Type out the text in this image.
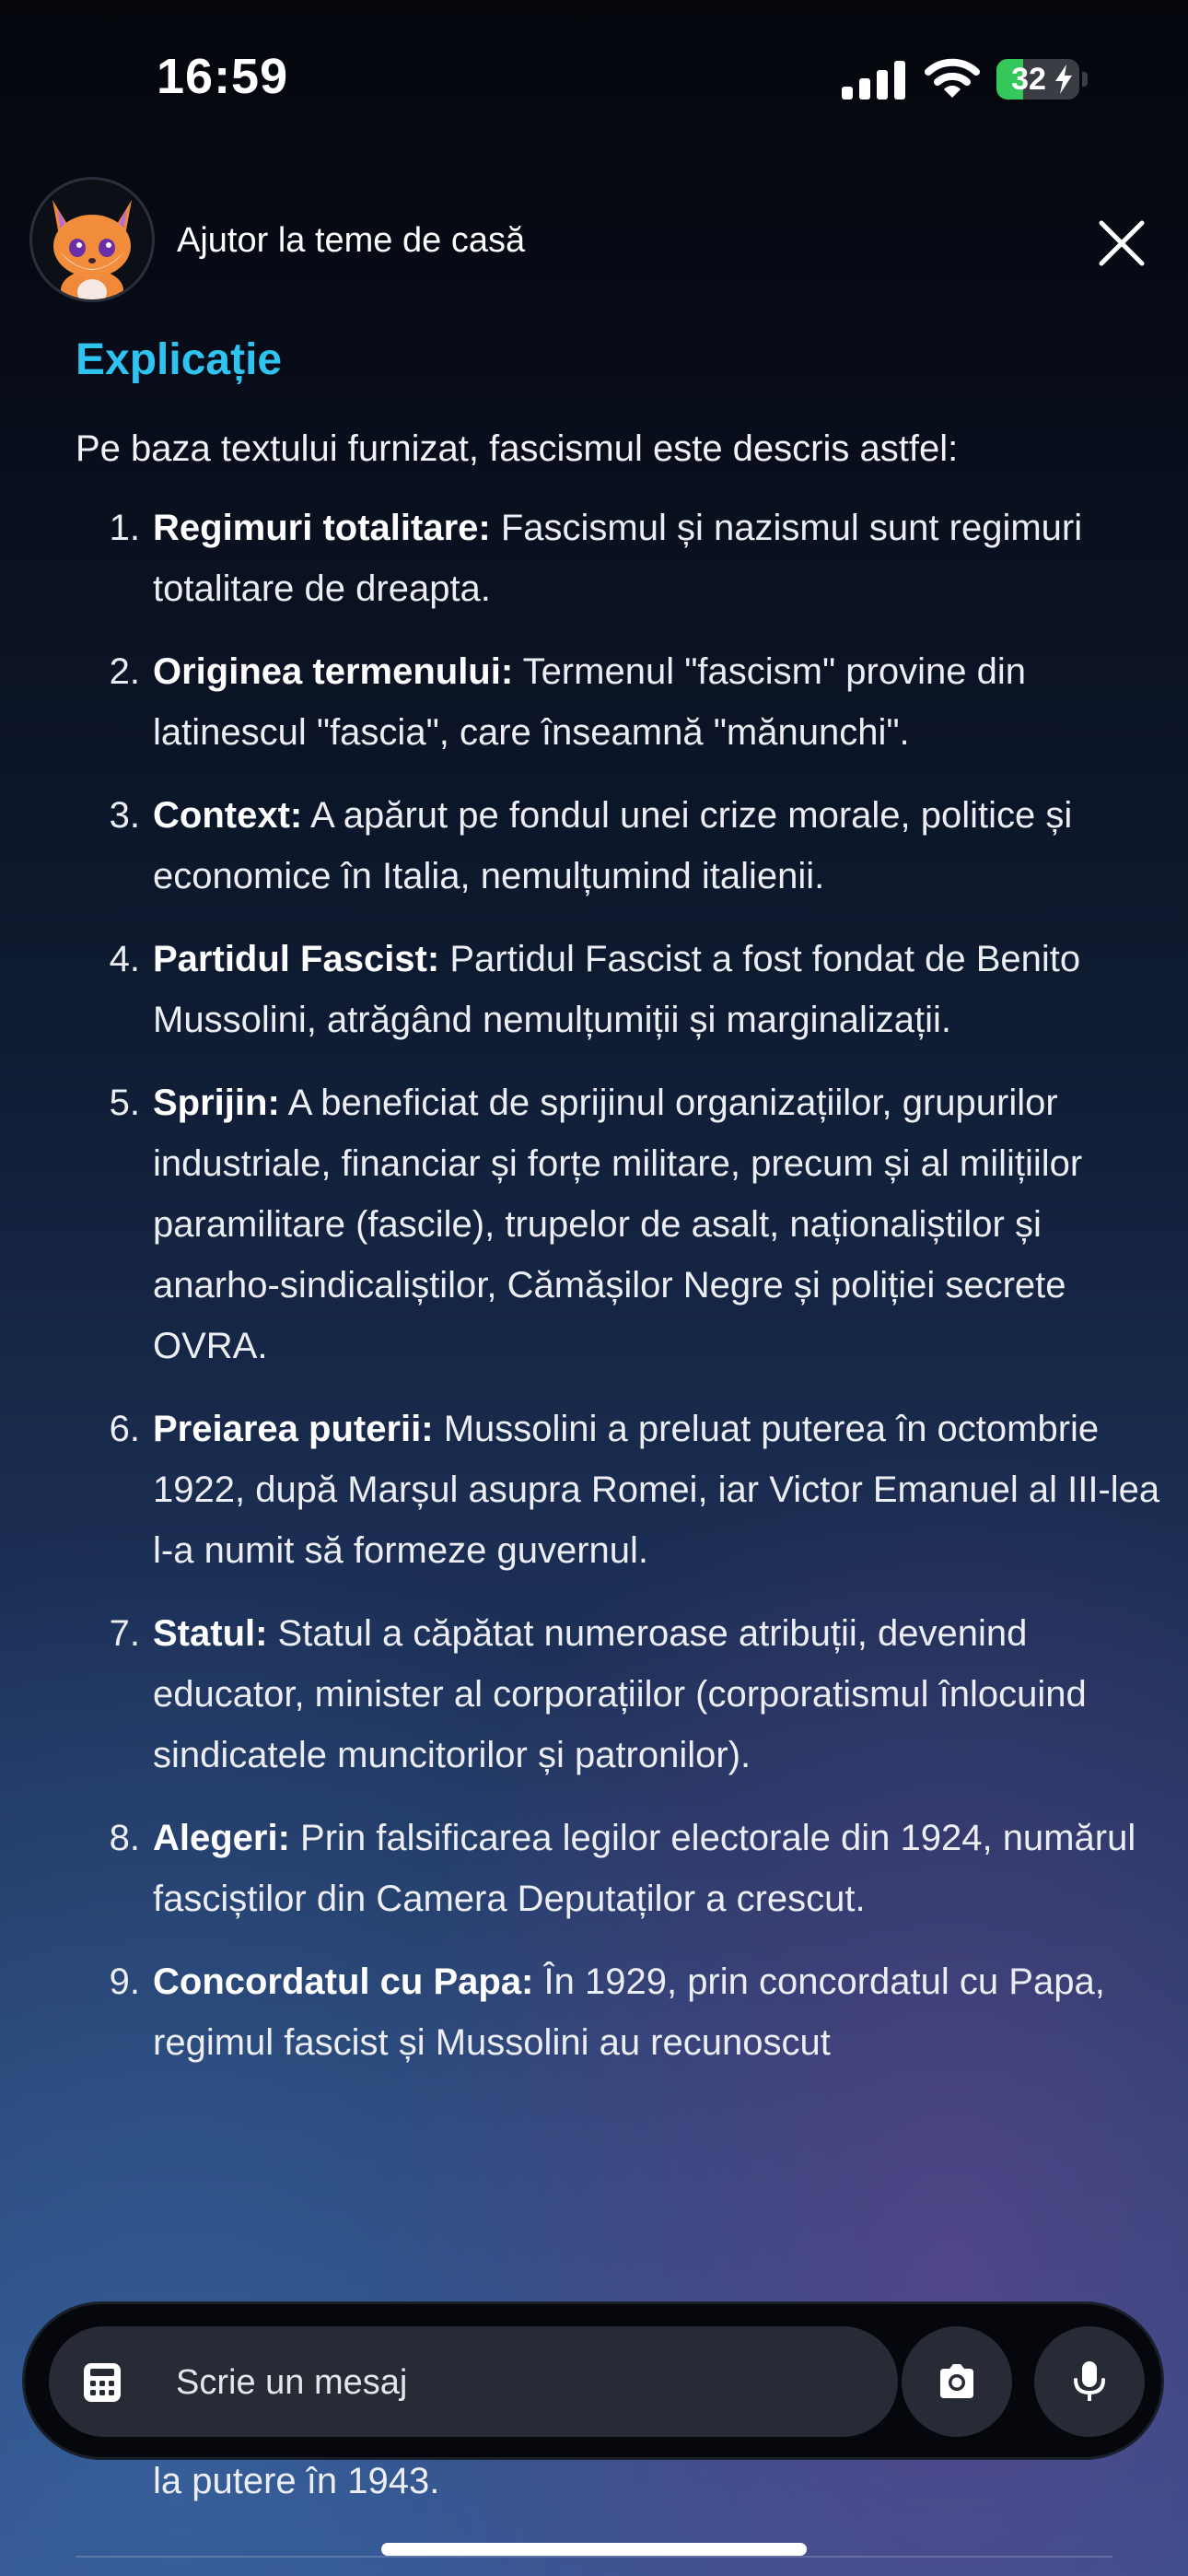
16:59	32
Ajutor la teme de casă
Explicație

Pe baza textului furnizat, fascismul este descris astfel:

1. Regimuri totalitare: Fascismul și nazismul sunt regimuri totalitare de dreapta.
2. Originea termenului: Termenul "fascism" provine din latinescul "fascia", care înseamnă "mănunchi".
3. Context: A apărut pe fondul unei crize morale, politice și economice în Italia, nemulțumind italienii.
4. Partidul Fascist: Partidul Fascist a fost fondat de Benito Mussolini, atrăgând nemulțumiții și marginalizații.
5. Sprijin: A beneficiat de sprijinul organizațiilor, grupurilor industriale, financiar și forțe militare, precum și al milițiilor paramilitare (fascile), trupelor de asalt, naționaliștilor și anarho-sindicaliștilor, Cămășilor Negre și poliției secrete OVRA.
6. Preiarea puterii: Mussolini a preluat puterea în octombrie 1922, după Marșul asupra Romei, iar Victor Emanuel al III-lea l-a numit să formeze guvernul.
7. Statul: Statul a căpătat numeroase atribuții, devenind educator, minister al corporațiilor (corporatismul înlocuind sindicatele muncitorilor și patronilor).
8. Alegeri: Prin falsificarea legilor electorale din 1924, numărul fasciștilor din Camera Deputaților a crescut.
9. Concordatul cu Papa: În 1929, prin concordatul cu Papa, regimul fascist și Mussolini au recunoscut
la putere în 1943.
Scrie un mesaj
